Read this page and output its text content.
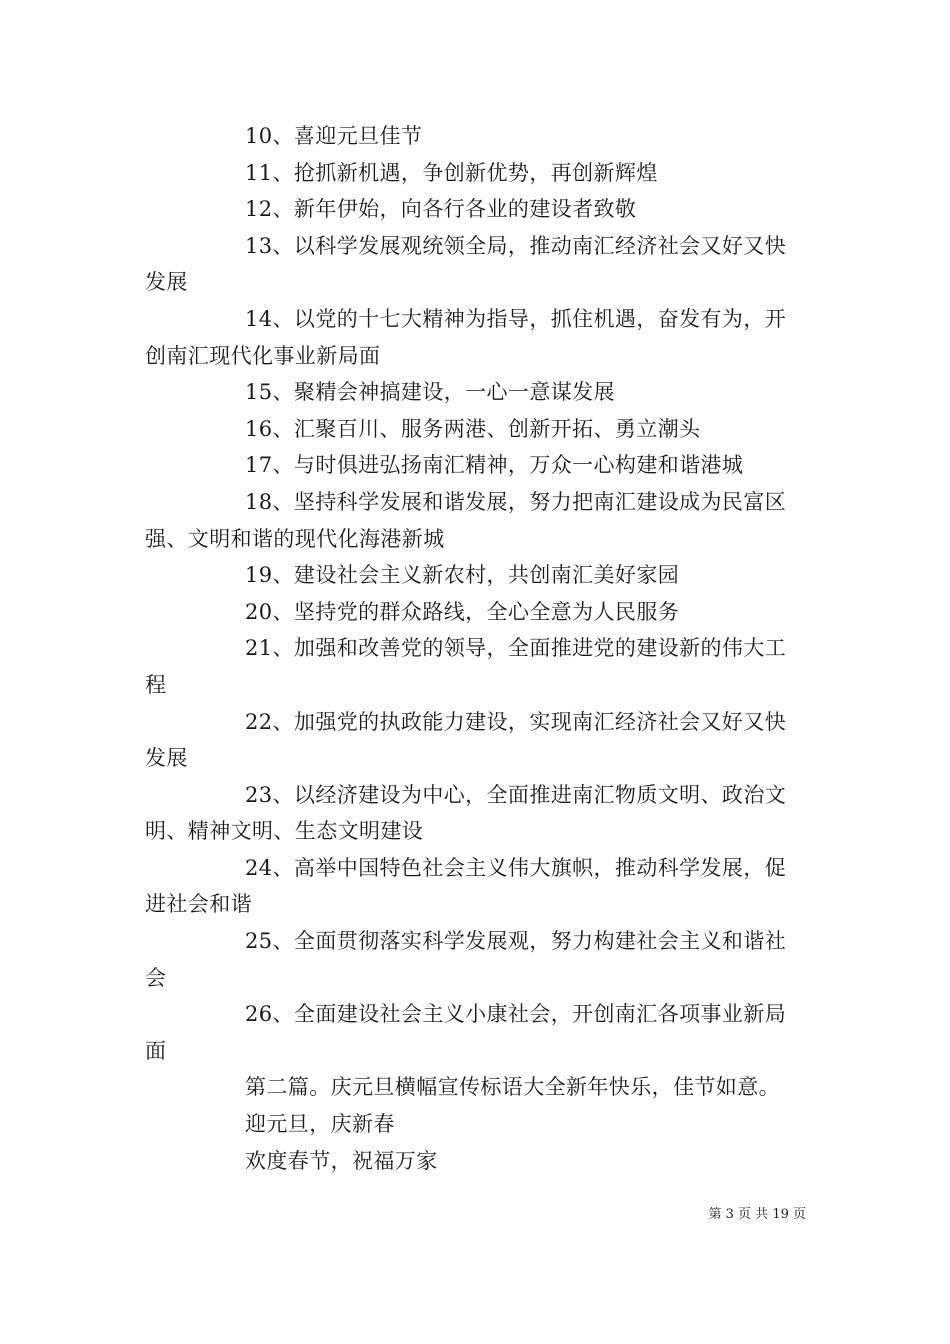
10、喜迎元旦佳节

11、抢抓新机遇，争创新优势，再创新辉煌

12、新年伊始，向各行各业的建设者致敬

13、以科学发展观统领全局，推动南汇经济社会又好又快发展

14、以党的十七大精神为指导，抓住机遇，奋发有为，开创南汇现代化事业新局面

15、聚精会神搞建设，一心一意谋发展

16、汇聚百川、服务两港、创新开拓、勇立潮头

17、与时俱进弘扬南汇精神，万众一心构建和谐港城

18、坚持科学发展和谐发展，努力把南汇建设成为民富区强、文明和谐的现代化海港新城

19、建设社会主义新农村，共创南汇美好家园

20、坚持党的群众路线，全心全意为人民服务

21、加强和改善党的领导，全面推进党的建设新的伟大工程

22、加强党的执政能力建设，实现南汇经济社会又好又快发展

23、以经济建设为中心，全面推进南汇物质文明、政治文明、精神文明、生态文明建设

24、高举中国特色社会主义伟大旗帜，推动科学发展，促进社会和谐

25、全面贯彻落实科学发展观，努力构建社会主义和谐社会

26、全面建设社会主义小康社会，开创南汇各项事业新局面

第二篇。庆元旦横幅宣传标语大全新年快乐，佳节如意。

迎元旦，庆新春

欢度春节，祝福万家

第 3 页 共 19 页
